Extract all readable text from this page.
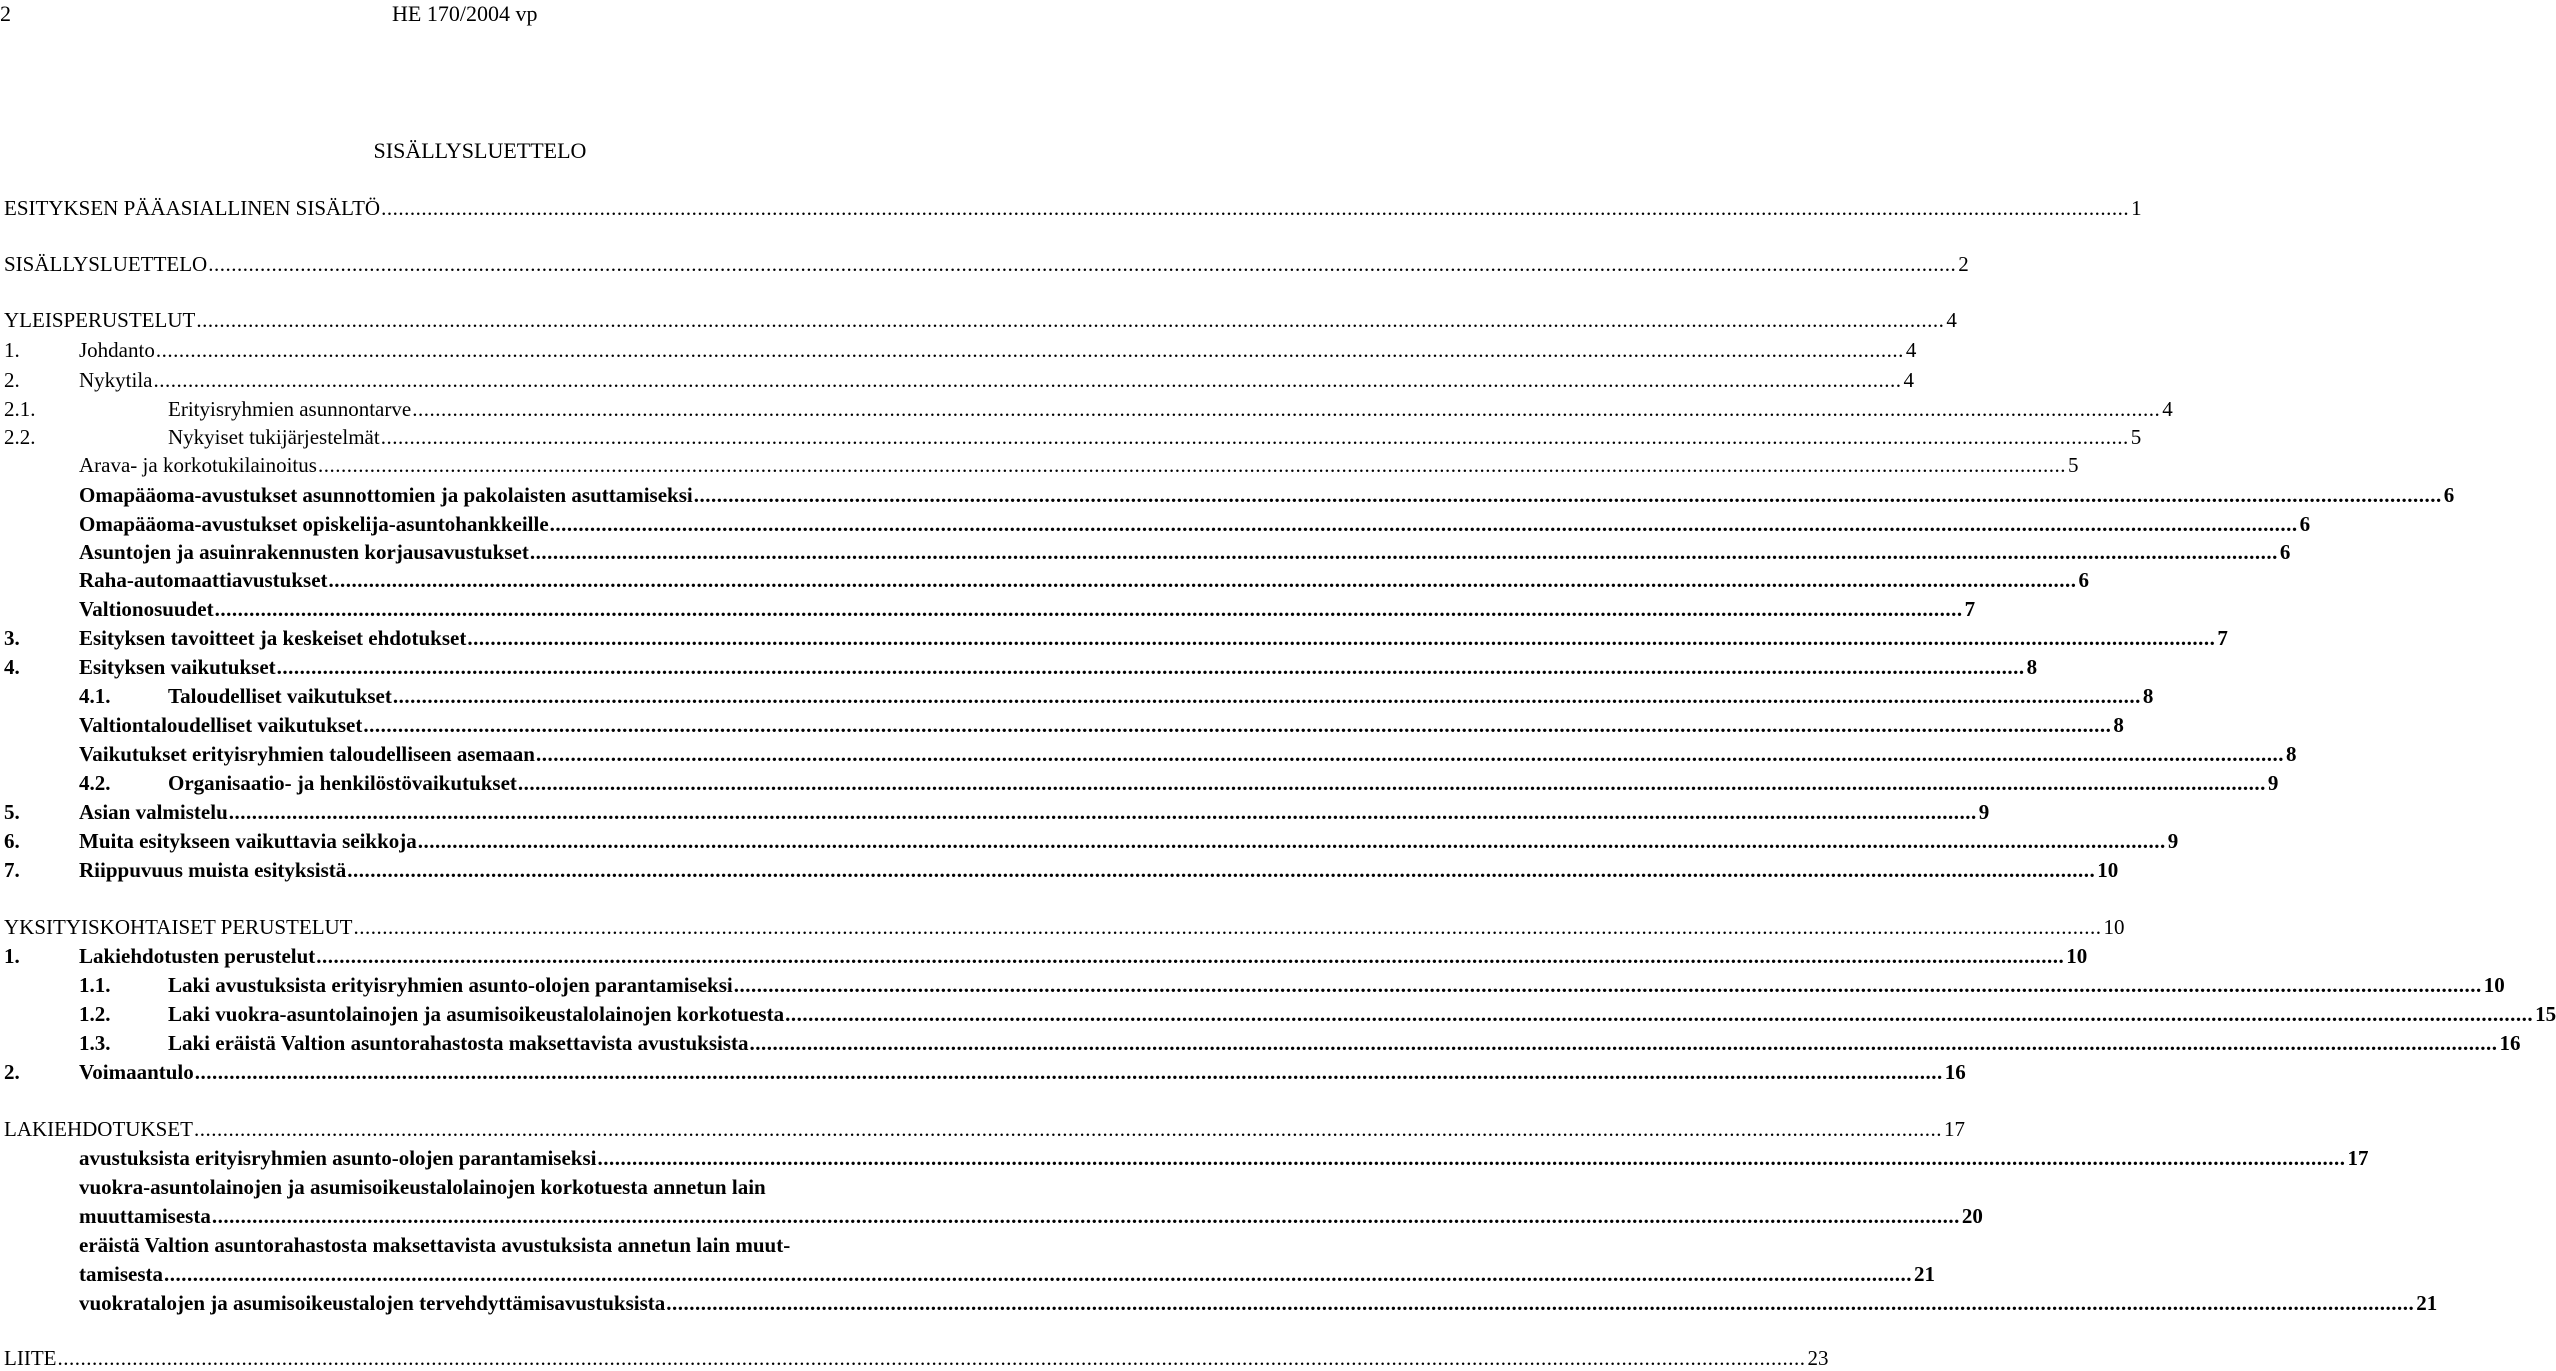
2	HE 170/2004 vp
SISÄLLYSLUETTELO
ESITYKSEN PÄÄASIALLINEN SISÄLTÖ .....	1
SISÄLLYSLUETTELO .....	2
YLEISPERUSTELUT .....	4
1.	Johdanto .....	4
2.	Nykytila .....	4
2.1.	Erityisryhmien asunnontarve .....	4
2.2.	Nykyiset tukijärjestelmät .....	5
Arava- ja korkotukilainoitus .....	5
Omapääoma-avustukset asunnottomien ja pakolaisten asuttamiseksi .....	6
Omapääoma-avustukset opiskelija-asuntohankkeille .....	6
Asuntojen ja asuinrakennusten korjausavustukset .....	6
Raha-automaattiavustukset .....	6
Valtionosuudet .....	7
3.	Esityksen tavoitteet ja keskeiset ehdotukset .....	7
4.	Esityksen vaikutukset .....	8
4.1.	Taloudelliset vaikutukset .....	8
Valtiontaloudelliset vaikutukset .....	8
Vaikutukset erityisryhmien taloudelliseen asemaan .....	8
4.2.	Organisaatio- ja henkilöstövaikutukset .....	9
5.	Asian valmistelu .....	9
6.	Muita esitykseen vaikuttavia seikkoja .....	9
7.	Riippuvuus muista esityksistä .....	10
YKSITYISKOHTAISET PERUSTELUT .....	10
1.	Lakiehdotusten perustelut .....	10
1.1.	Laki avustuksista erityisryhmien asunto-olojen parantamiseksi .....	10
1.2.	Laki vuokra-asuntolainojen ja asumisoikeustalolainojen korkotuesta .....	15
1.3.	Laki eräistä Valtion asuntorahastosta maksettavista avustuksista .....	16
2.	Voimaantulo .....	16
LAKIEHDOTUKSET .....	17
avustuksista erityisryhmien asunto-olojen parantamiseksi .....	17
vuokra-asuntolainojen ja asumisoikeustalolainojen korkotuesta annetun lain
muuttamisesta .....	20
eräistä Valtion asuntorahastosta maksettavista avustuksista annetun lain muut-
tamisesta .....	21
vuokratalojen ja asumisoikeustalojen tervehdyttämisavustuksista .....	21
LIITE .....	23
